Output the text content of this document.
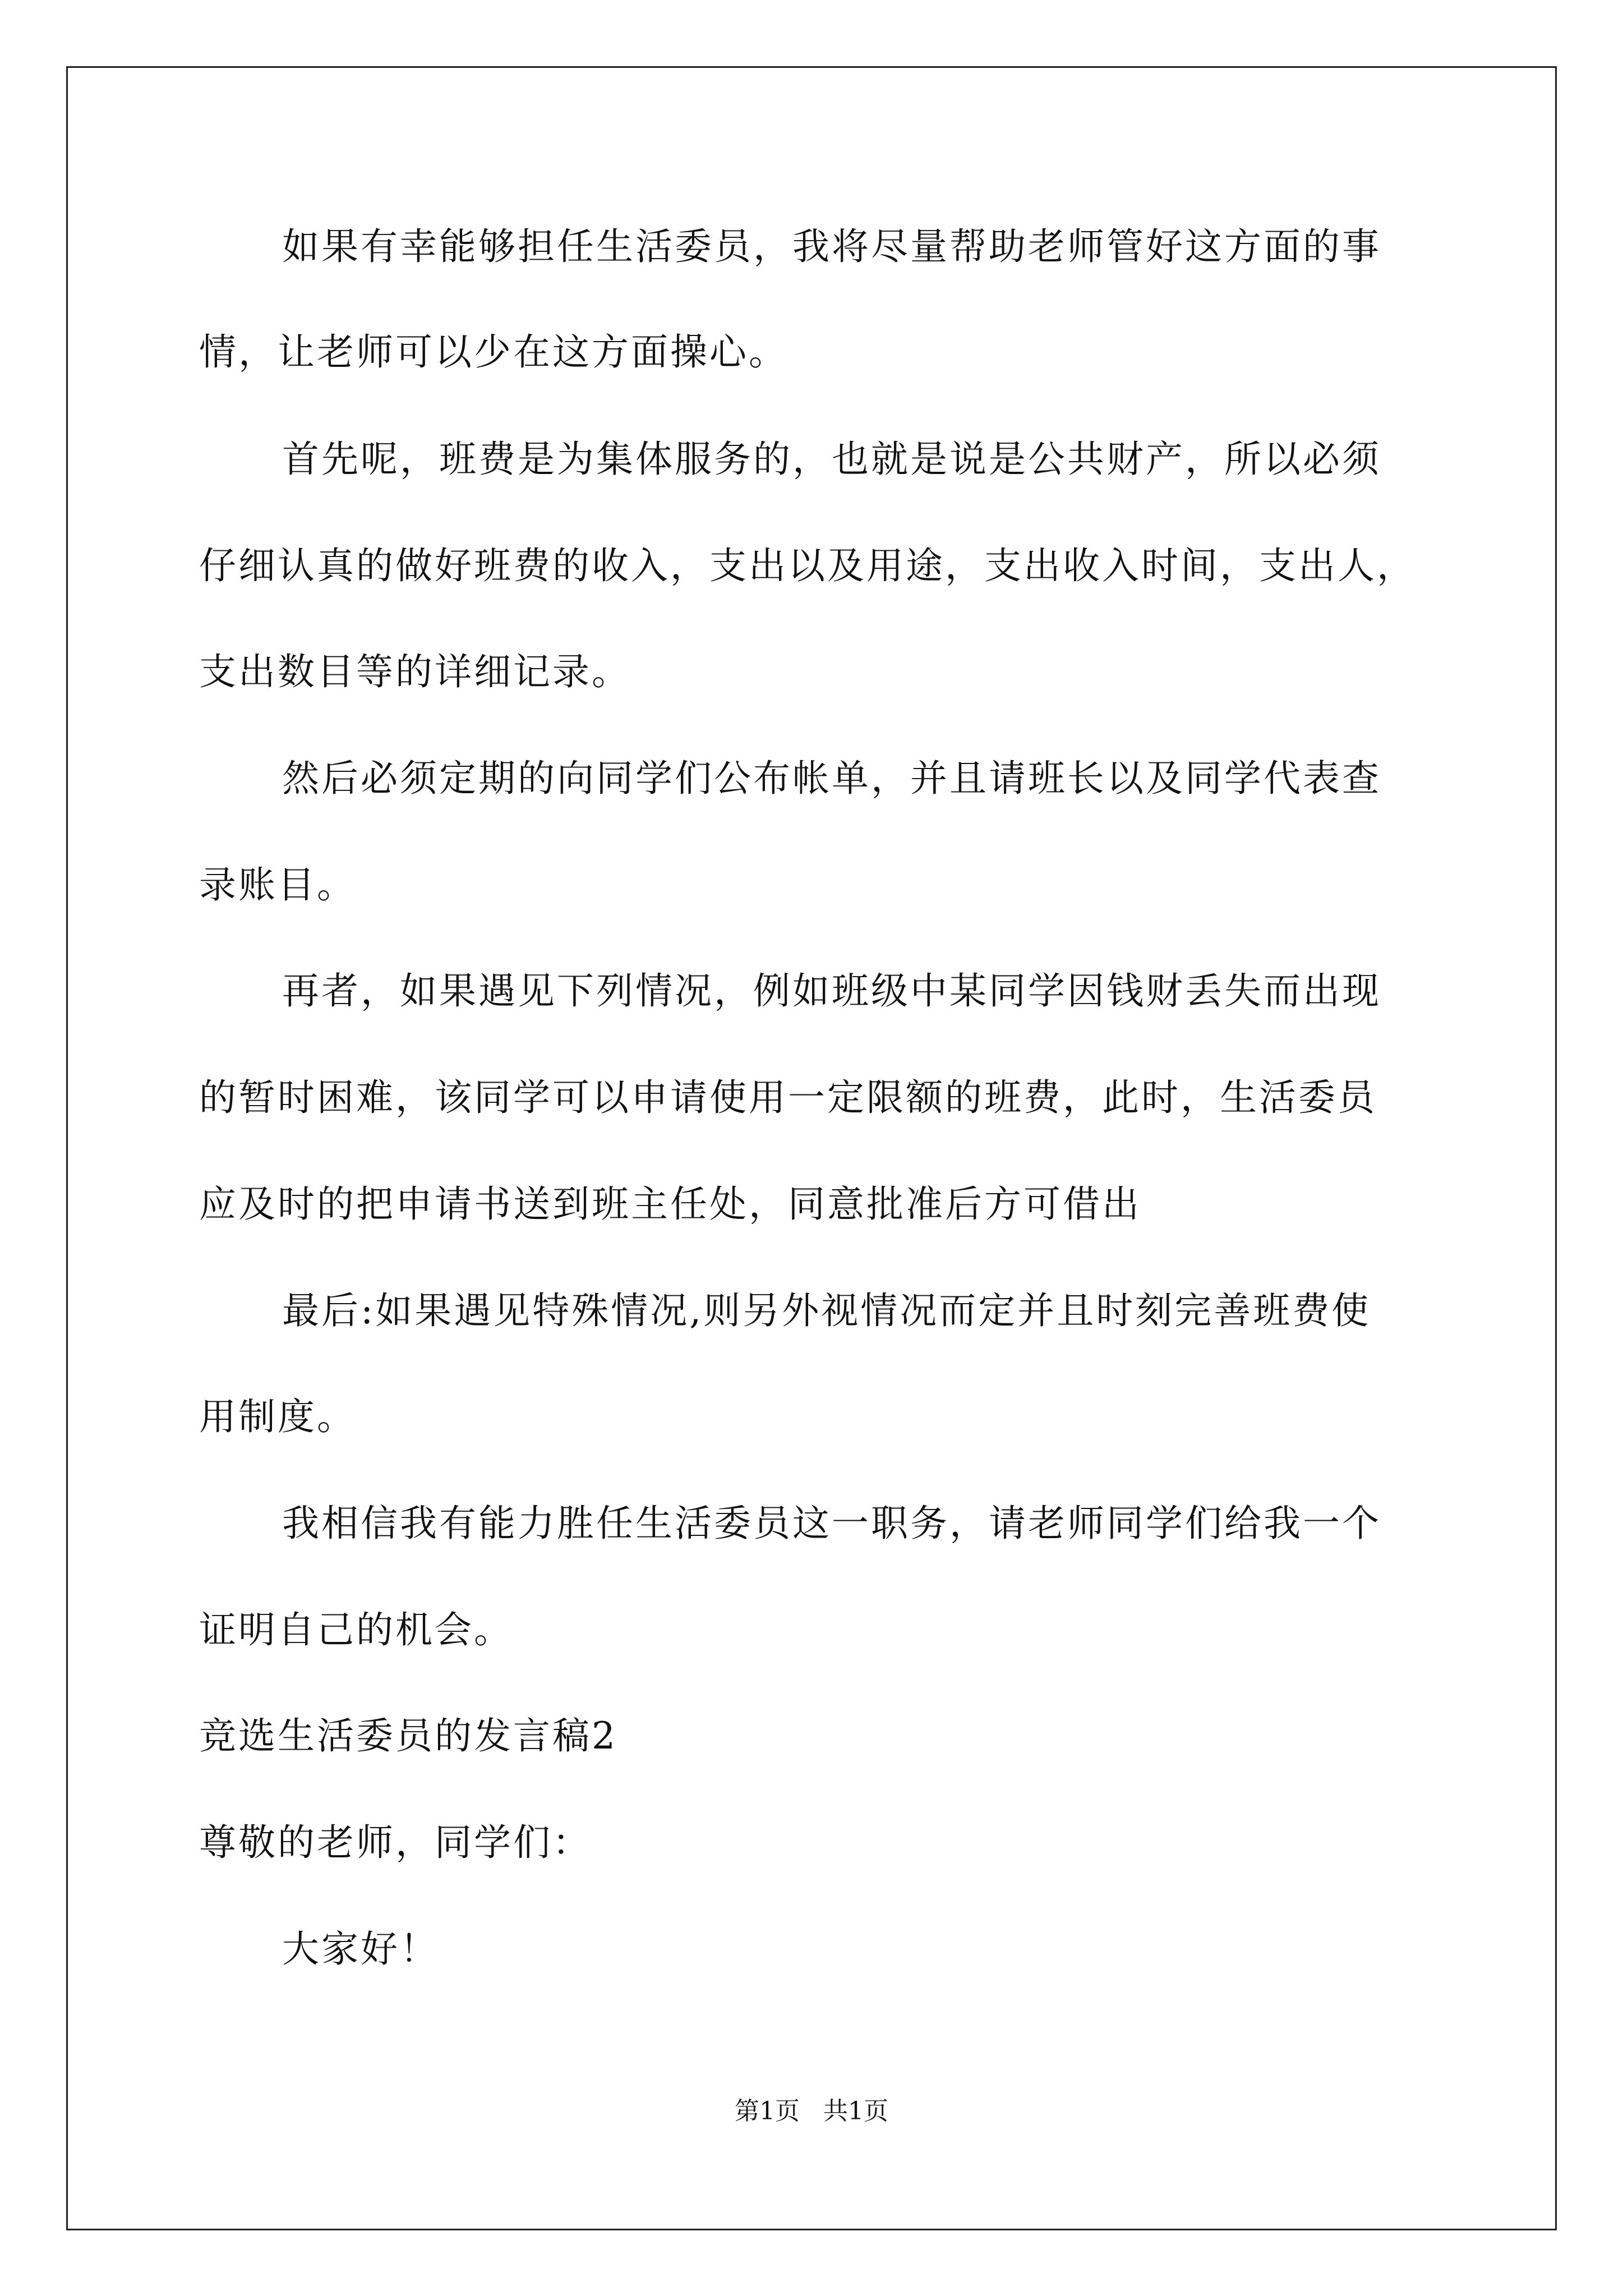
如果有幸能够担任生活委员，我将尽量帮助老师管好这方面的事
情，让老师可以少在这方面操心。
首先呢，班费是为集体服务的，也就是说是公共财产，所以必须
仔细认真的做好班费的收入，支出以及用途，支出收入时间，支出人，
支出数目等的详细记录。
然后必须定期的向同学们公布帐单，并且请班长以及同学代表查
录账目。
再者，如果遇见下列情况，例如班级中某同学因钱财丢失而出现
的暂时困难，该同学可以申请使用一定限额的班费，此时，生活委员
应及时的把申请书送到班主任处，同意批准后方可借出
最后:如果遇见特殊情况,则另外视情况而定并且时刻完善班费使
用制度。
我相信我有能力胜任生活委员这一职务，请老师同学们给我一个
证明自己的机会。
竞选生活委员的发言稿2
尊敬的老师，同学们：
大家好！
第1页   共1页
